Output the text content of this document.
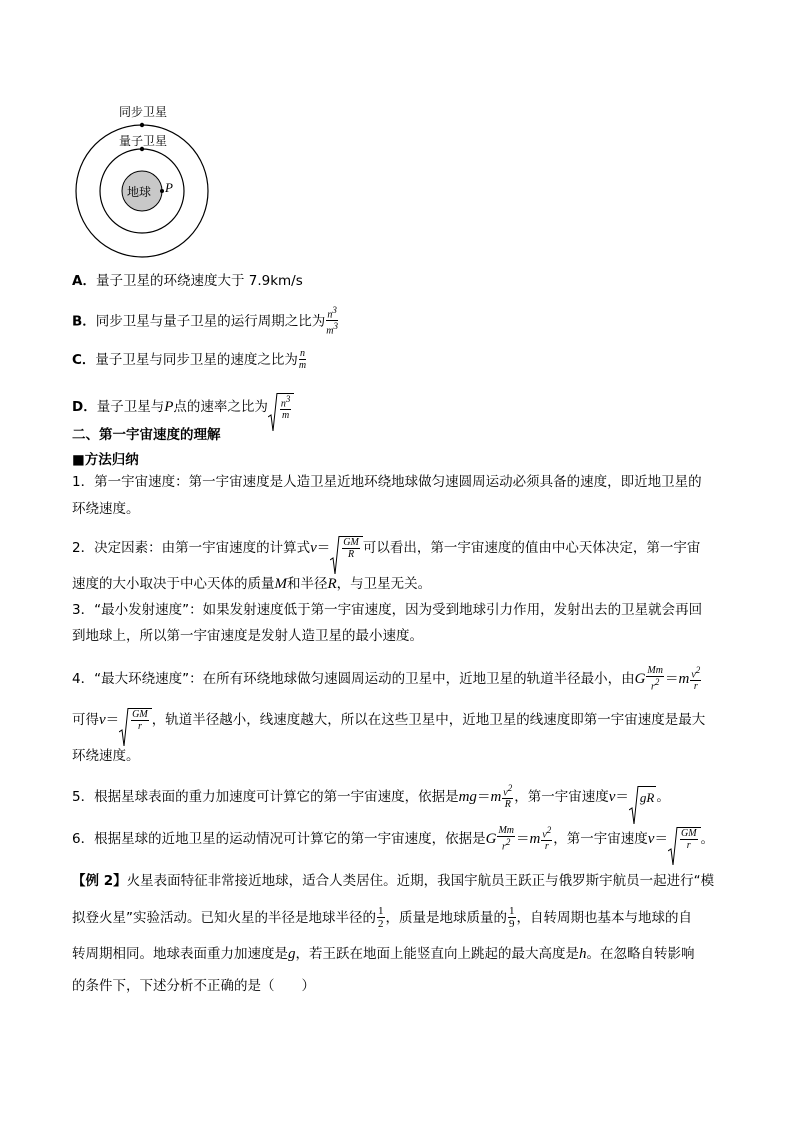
同步卫星
量子卫星
地球 P
A．量子卫星的环绕速度大于 7.9km/s
B．同步卫星与量子卫星的运行周期之比为 $\frac{n3}{m3}$
C．量子卫星与同步卫星的速度之比为 $\frac{n}{m}$
D．量子卫星与P点的速率之比为 $\frac{n3}{m}$
二、第一宇宙速度的理解
■方法归纳
1．第一宇宙速度：第一宇宙速度是人造卫星近地环绕地球做匀速圆周运动必须具备的速度，即近地卫星的
环绕速度。
2．决定因素：由第一宇宙速度的计算式$v= \frac{GM}{R}$ 可以看出，第一宇宙速度的值由中心天体决定，第一宇宙
速度的大小取决于中心天体的质量M和半径R，与卫星无关。
3．“最小发射速度”：如果发射速度低于第一宇宙速度，因为受到地球引力作用，发射出去的卫星就会再回
到地球上，所以第一宇宙速度是发射人造卫星的最小速度。
4．“最大环绕速度”：在所有环绕地球做匀速圆周运动的卫星中，近地卫星的轨道半径最小，由G $\frac{Mm}{r2} =m \frac{v2}{r}$
可得$v= \frac{GM}{r}$ ，轨道半径越小，线速度越大，所以在这些卫星中，近地卫星的线速度即第一宇宙速度是最大
环绕速度。
5．根据星球表面的重力加速度可计算它的第一宇宙速度，依据是$mg=m \frac{v2}{R}$ ，第一宇宙速度v＝ gR 。
6．根据星球的近地卫星的运动情况可计算它的第一宇宙速度，依据是G $\frac{Mm}{r2} =m \frac{v2}{r}$ ，第一宇宙速度$v= \frac{GM}{r}$ 。
【例 2】火星表面特征非常接近地球，适合人类居住。近期，我国宇航员王跃正与俄罗斯宇航员一起进行“模
拟登火星”实验活动。已知火星的半径是地球半径的 $\frac{1}{2}$ ，质量是地球质量的 $\frac{1}{9}$ ，自转周期也基本与地球的自
转周期相同。地球表面重力加速度是g，若王跃在地面上能竖直向上跳起的最大高度是h。在忽略自转影响
的条件下，下述分析不正确的是（　　）
